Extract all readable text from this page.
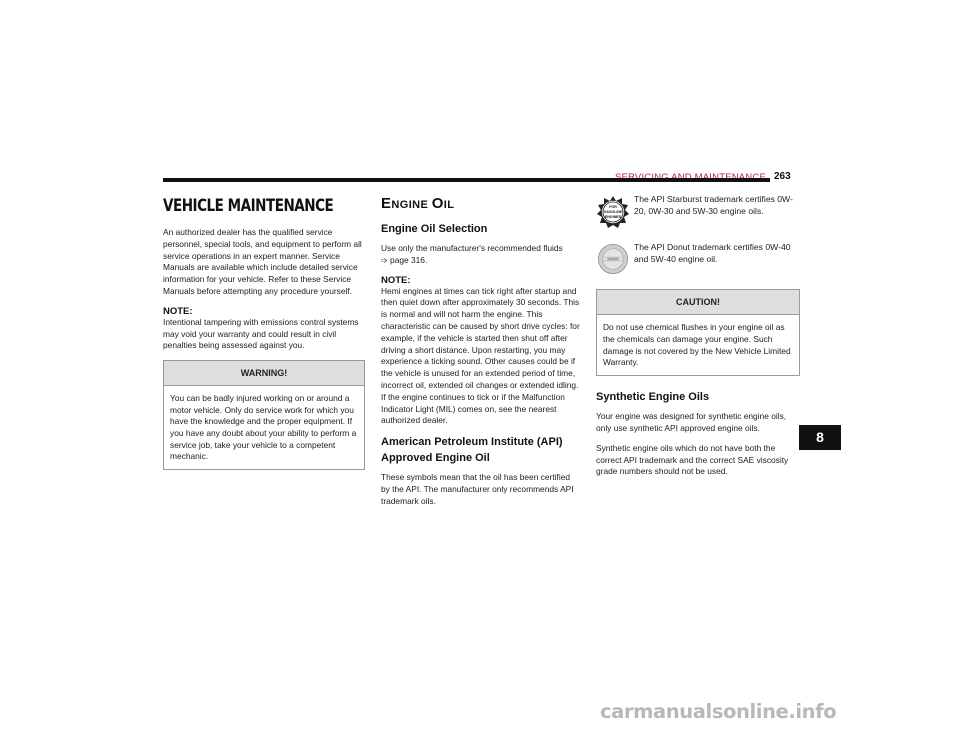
263
VEHICLE MAINTENANCE

An authorized dealer has the qualified service personnel, special tools, and equipment to perform all service operations in an expert manner. Service Manuals are available which include detailed service information for your vehicle. Refer to these Service Manuals before attempting any procedure yourself.

NOTE:

Intentional tampering with emissions control systems may void your warranty and could result in civil penalties being assessed against you.

WARNING!

You can be badly injured working on or around a motor vehicle. Only do service work for which you have the knowledge and the proper equipment. If you have any doubt about your ability to perform a service job, take your vehicle to a competent mechanic.

ENGINE OIL
Engine Oil Selection

Use only the manufacturer's recommended fluids
➩ page 316.

NOTE:

Hemi engines at times can tick right after startup and then quiet down after approximately 30 seconds. This is normal and will not harm the engine. This characteristic can be caused by short drive cycles: for example, if the vehicle is started then shut off after driving a short distance. Upon restarting, you may experience a ticking sound. Other causes could be if the vehicle is unused for an extended period of time, incorrect oil, extended oil changes or extended idling. If the engine continues to tick or if the Malfunction Indicator Light (MIL) comes on, see the nearest authorized dealer.

American Petroleum Institute (API) Approved Engine Oil

These symbols mean that the oil has been certified by the API. The manufacturer only recommends API trademark oils.

FOR
GASOLINE
ENGINES

The API Starburst trademark certifies 0W-20, 0W-30 and 5W-30 engine oils.

The API Donut trademark certifies 0W-40 and 5W-40 engine oil.

CAUTION!

Do not use chemical flushes in your engine oil as the chemicals can damage your engine. Such damage is not covered by the New Vehicle Limited Warranty.

Synthetic Engine Oils

Your engine was designed for synthetic engine oils, only use synthetic API approved engine oils.

Synthetic engine oils which do not have both the correct API trademark and the correct SAE viscosity grade numbers should not be used.

8
carmanualsonline.info
